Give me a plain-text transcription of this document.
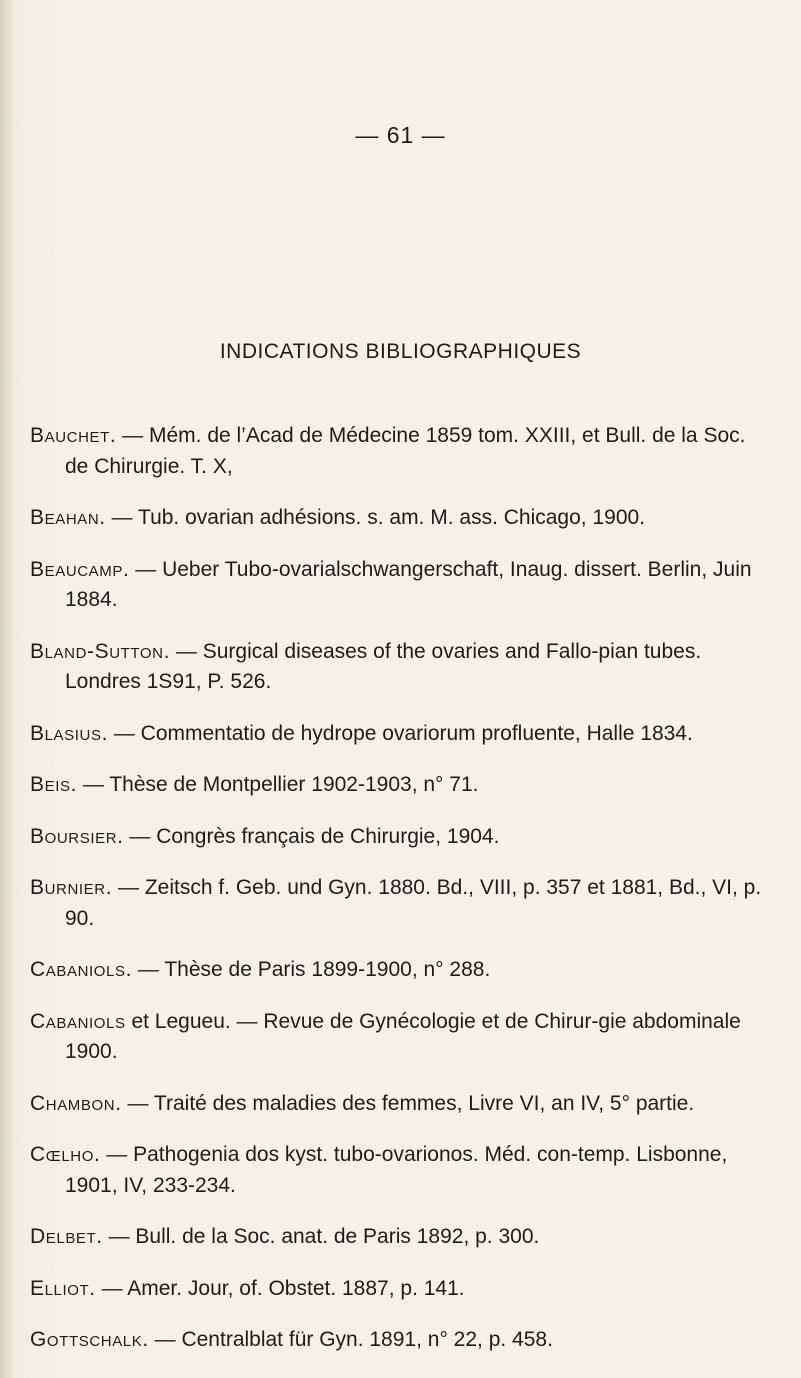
— 61 —
INDICATIONS BIBLIOGRAPHIQUES

Bauchet. — Mém. de l’Acad de Médecine 1859 tom. XXIII, et Bull. de la Soc. de Chirurgie. T. X,

Beahan. — Tub. ovarian adhésions. s. am. M. ass. Chicago, 1900.

Beaucamp. — Ueber Tubo-ovarialschwangerschaft, Inaug. dissert. Berlin, Juin 1884.

Bland-Sutton. — Surgical diseases of the ovaries and Fallo-pian tubes. Londres 1S91, P. 526.

Blasius. — Commentatio de hydrope ovariorum profluente, Halle 1834.

Beis. — Thèse de Montpellier 1902-1903, n° 71.

Boursier. — Congrès français de Chirurgie, 1904.

Burnier. — Zeitsch f. Geb. und Gyn. 1880. Bd., VIII, p. 357 et 1881, Bd., VI, p. 90.

Cabaniols. — Thèse de Paris 1899-1900, n° 288.

Cabaniols et Legueu. — Revue de Gynécologie et de Chirur-gie abdominale 1900.

Chambon. — Traité des maladies des femmes, Livre VI, an IV, 5° partie.

Cœlho. — Pathogenia dos kyst. tubo-ovarionos. Méd. con-temp. Lisbonne, 1901, IV, 233-234.

Delbet. — Bull. de la Soc. anat. de Paris 1892, p. 300.

Elliot. — Amer. Jour, of. Obstet. 1887, p. 141.

Gottschalk. — Centralblat für Gyn. 1891, n° 22, p. 458.
